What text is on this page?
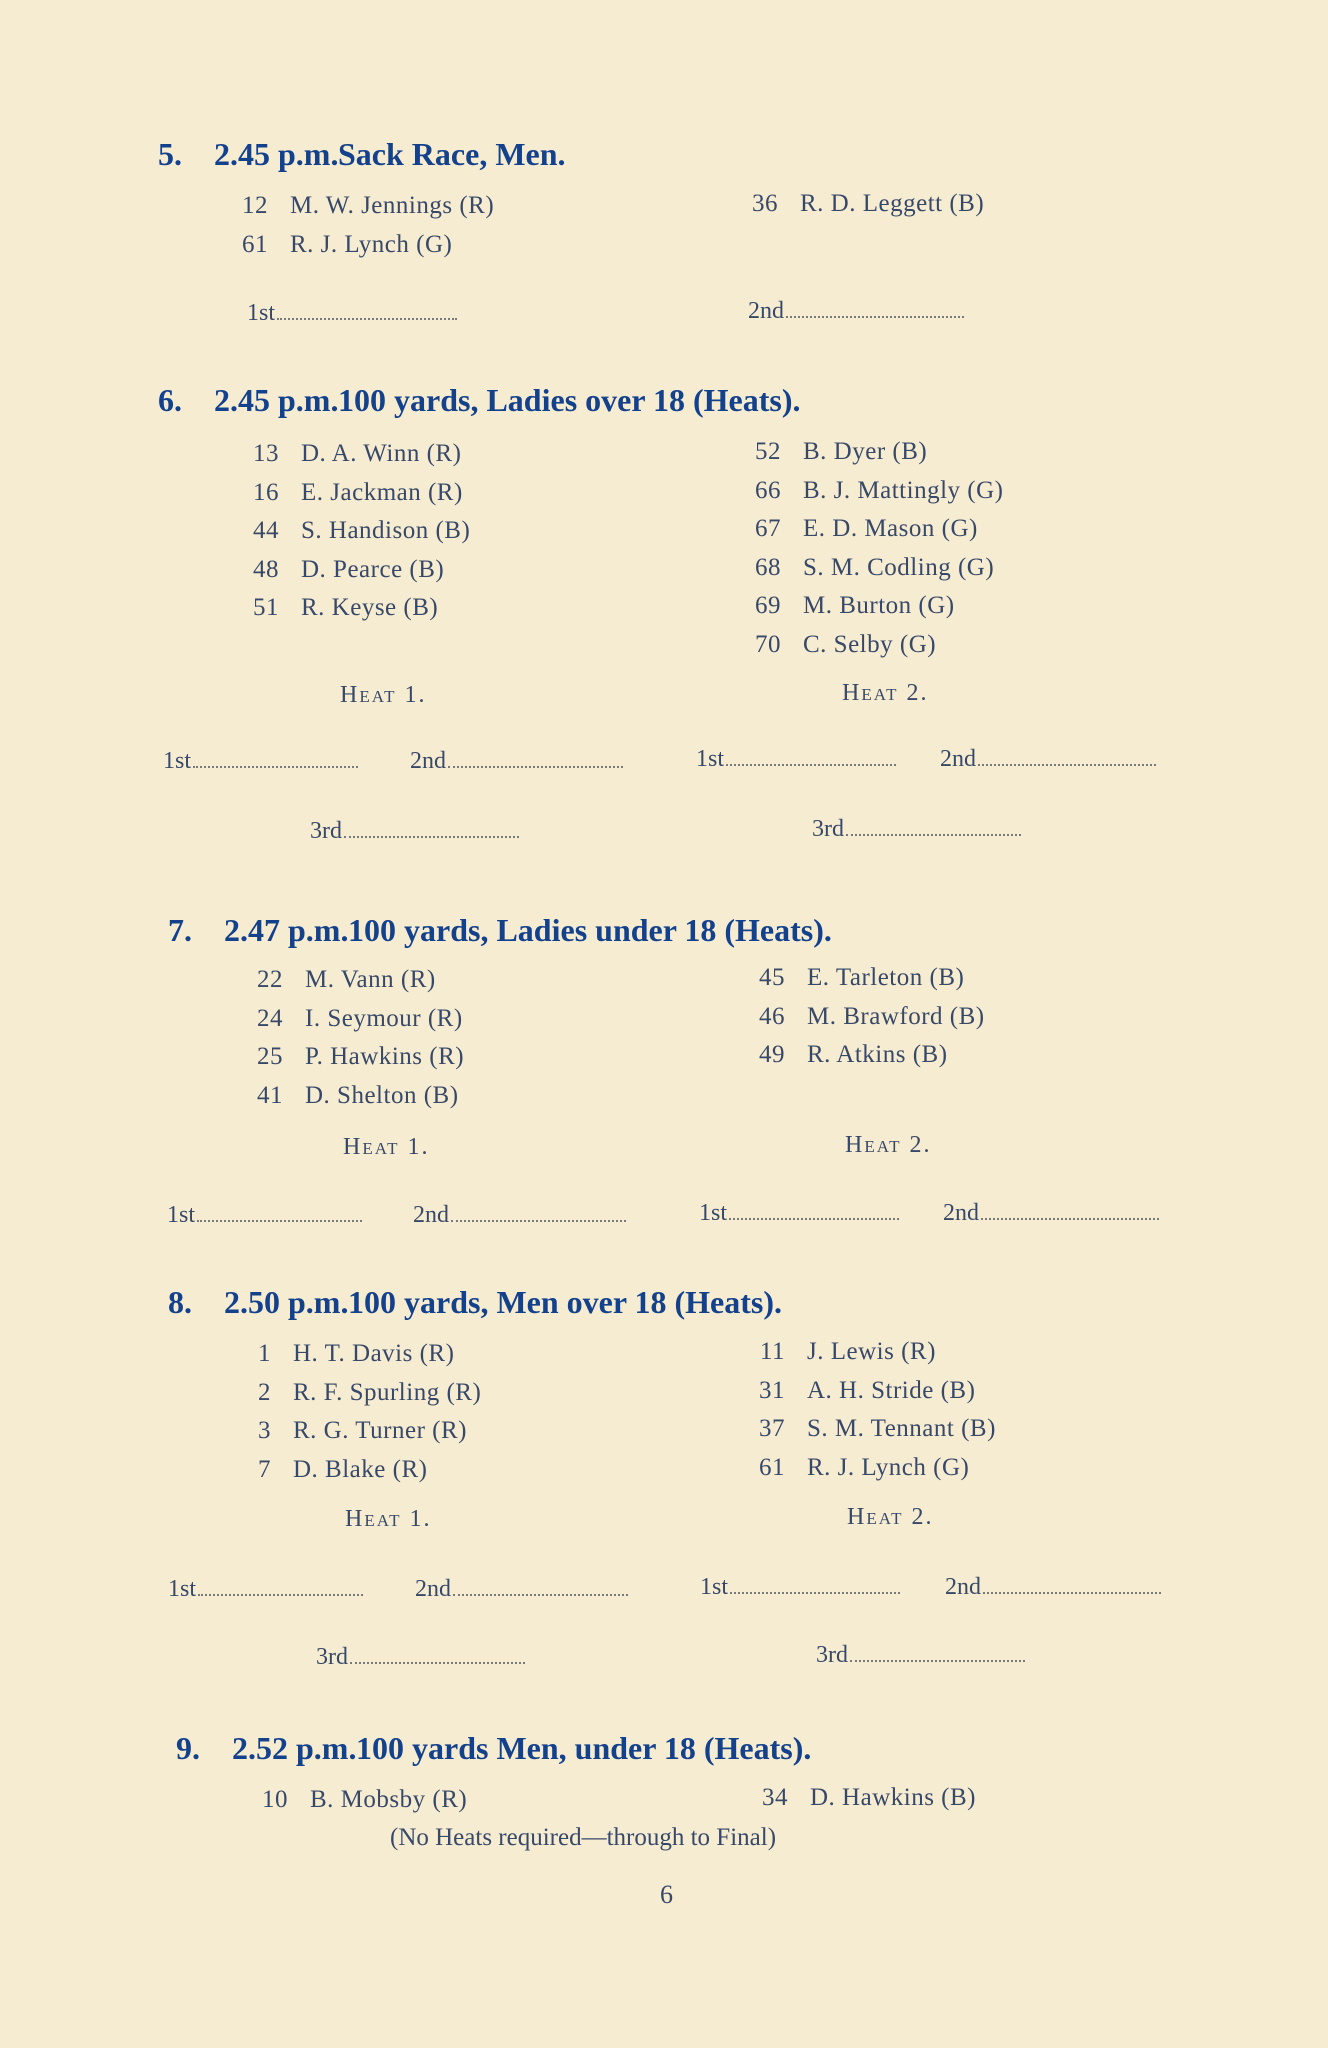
5. 2.45 p.m.Sack Race, Men.
12 M. W. Jennings (R)
61 R. J. Lynch (G)
36 R. D. Leggett (B)
1st	2nd
6. 2.45 p.m.100 yards, Ladies over 18 (Heats).
13 D. A. Winn (R)
16 E. Jackman (R)
44 S. Handison (B)
48 D. Pearce (B)
51 R. Keyse (B)
52 B. Dyer (B)
66 B. J. Mattingly (G)
67 E. D. Mason (G)
68 S. M. Codling (G)
69 M. Burton (G)
70 C. Selby (G)
Heat 1.	Heat 2.
1st	2nd	1st	2nd
3rd	3rd
7. 2.47 p.m.100 yards, Ladies under 18 (Heats).
22 M. Vann (R)
24 I. Seymour (R)
25 P. Hawkins (R)
41 D. Shelton (B)
45 E. Tarleton (B)
46 M. Brawford (B)
49 R. Atkins (B)
Heat 1.	Heat 2.
1st	2nd	1st	2nd
8. 2.50 p.m.100 yards, Men over 18 (Heats).
1 H. T. Davis (R)
2 R. F. Spurling (R)
3 R. G. Turner (R)
7 D. Blake (R)
11 J. Lewis (R)
31 A. H. Stride (B)
37 S. M. Tennant (B)
61 R. J. Lynch (G)
Heat 1.	Heat 2.
1st	2nd	1st	2nd
3rd	3rd
9. 2.52 p.m.100 yards Men, under 18 (Heats).
10 B. Mobsby (R)	34 D. Hawkins (B)
(No Heats required—through to Final)
6
